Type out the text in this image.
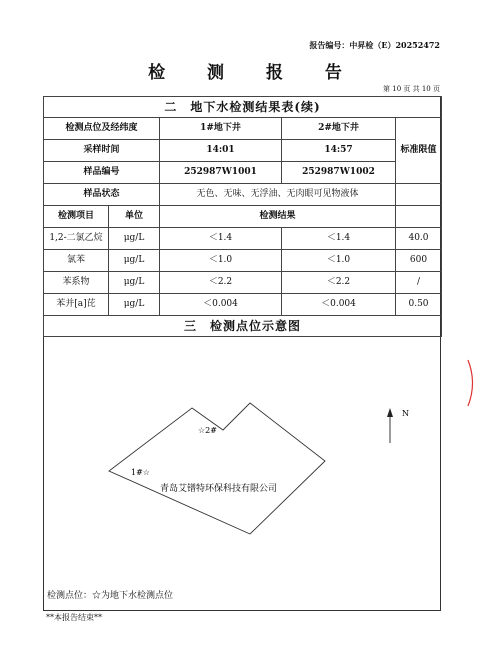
报告编号：中昇检（E）20252472
检 测 报 告
第 10 页 共 10 页
二　地下水检测结果表(续)				
检测点位及经纬度		1#地下井	2#地下井	标准限值
采样时间		14:01	14:57	
样品编号		252987W1001	252987W1002	
样品状态		无色、无味、无浮油、无肉眼可见物液体		
检测项目	单位	检测结果		
1,2-二氯乙烷	μg/L	＜1.4	＜1.4	40.0
氯苯	μg/L	＜1.0	＜1.0	600
苯系物	μg/L	＜2.2	＜2.2	/
苯并[a]芘	μg/L	＜0.004	＜0.004	0.50
三　检测点位示意图				
☆2#
1#☆
青岛艾镨特环保科技有限公司
N
检测点位：☆为地下水检测点位
**本报告结束**
